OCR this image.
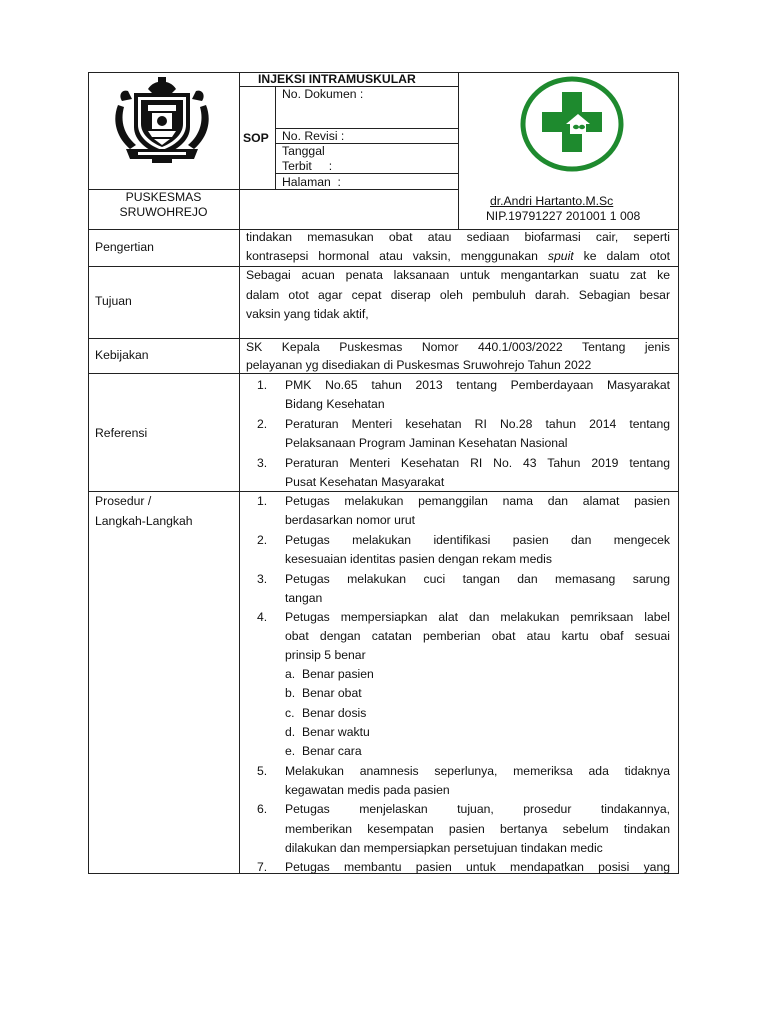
INJEKSI INTRAMUSKULAR
SOP
No. Dokumen :
No. Revisi :
Tanggal
Terbit     :
Halaman  :
PUSKESMAS
SRUWOHREJO
dr.Andri Hartanto.M.Sc
NIP.19791227 201001 1 008
Pengertian
tindakan memasukan obat atau sediaan biofarmasi cair, seperti
kontrasepsi hormonal atau vaksin, menggunakan spuit ke dalam otot
Tujuan
Sebagai acuan penata laksanaan untuk mengantarkan suatu zat ke
dalam otot agar cepat diserap oleh pembuluh darah. Sebagian besar
vaksin yang tidak aktif,
Kebijakan
SK Kepala Puskesmas Nomor 440.1/003/2022 Tentang jenis
pelayanan yg disediakan di Puskesmas Sruwohrejo Tahun 2022
Referensi
1. PMK No.65 tahun 2013 tentang Pemberdayaan Masyarakat
Bidang Kesehatan
2. Peraturan Menteri kesehatan RI No.28 tahun 2014 tentang
Pelaksanaan Program Jaminan Kesehatan Nasional
3. Peraturan Menteri Kesehatan RI No. 43 Tahun 2019 tentang
Pusat Kesehatan Masyarakat
Prosedur /
Langkah-Langkah
1. Petugas melakukan pemanggilan nama dan alamat pasien
berdasarkan nomor urut
2. Petugas melakukan identifikasi pasien dan mengecek
kesesuaian identitas pasien dengan rekam medis
3. Petugas melakukan cuci tangan dan memasang sarung
tangan
4. Petugas mempersiapkan alat dan melakukan pemriksaan label
obat dengan catatan pemberian obat atau kartu obaf sesuai
prinsip 5 benar
a. Benar pasien
b. Benar obat
c. Benar dosis
d. Benar waktu
e. Benar cara
5. Melakukan anamnesis seperlunya, memeriksa ada tidaknya
kegawatan medis pada pasien
6. Petugas menjelaskan tujuan, prosedur tindakannya,
memberikan kesempatan pasien bertanya sebelum tindakan
dilakukan dan mempersiapkan persetujuan tindakan medic
7. Petugas membantu pasien untuk mendapatkan posisi yang
